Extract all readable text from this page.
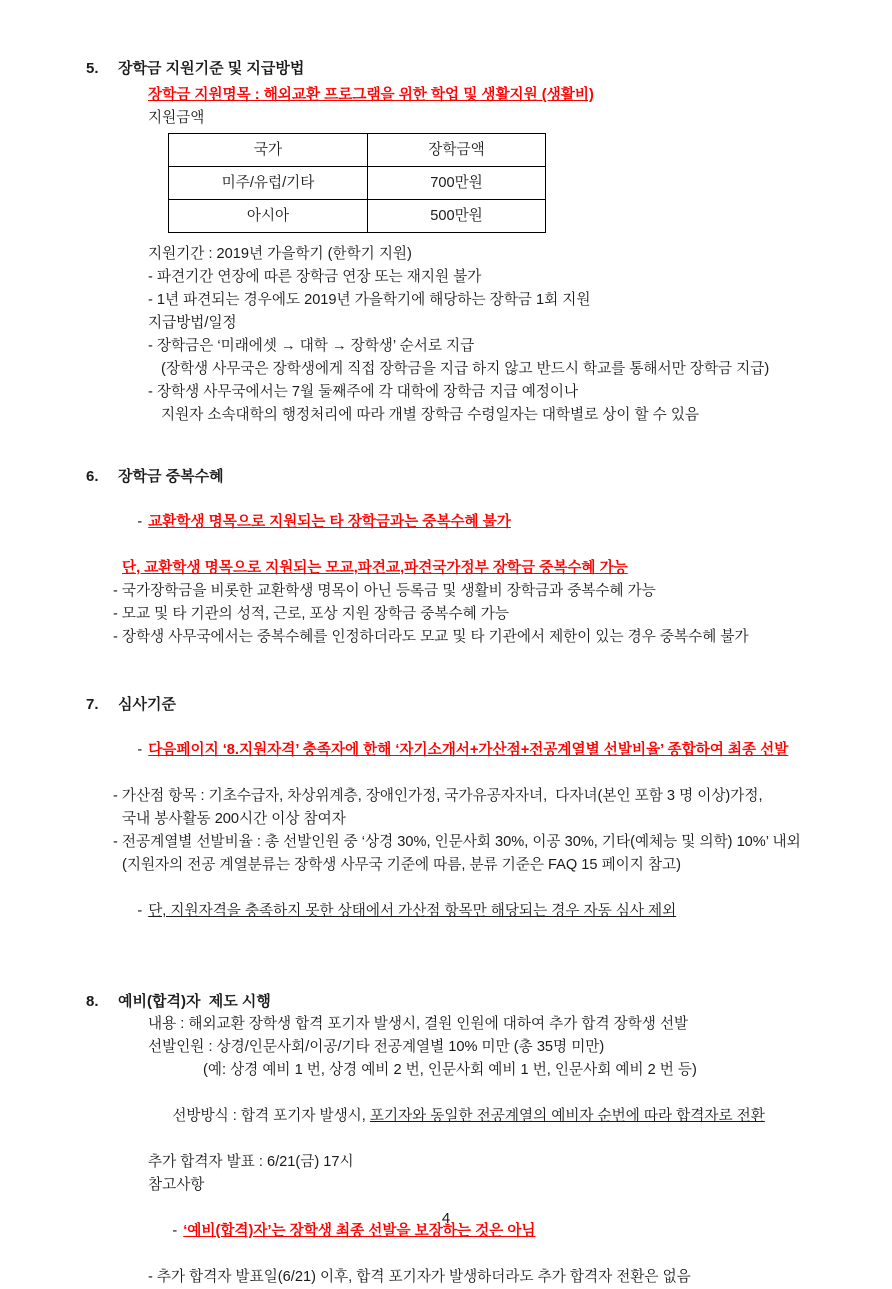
5.	장학금 지원기준 및 지급방법
장학금 지원명목 : 해외교환 프로그램을 위한 학업 및 생활지원 (생활비)
지원금액
국가	장학금액
미주/유럽/기타	700만원
아시아	500만원
지원기간 : 2019년 가을학기 (한학기 지원)
- 파견기간 연장에 따른 장학금 연장 또는 재지원 불가
- 1년 파견되는 경우에도 2019년 가을학기에 해당하는 장학금 1회 지원
지급방법/일정
- 장학금은 ‘미래에셋 → 대학 → 장학생’ 순서로 지급
(장학생 사무국은 장학생에게 직접 장학금을 지급 하지 않고 반드시 학교를 통해서만 장학금 지급)
- 장학생 사무국에서는 7월 둘째주에 각 대학에 장학금 지급 예정이나
지원자 소속대학의 행정처리에 따라 개별 장학금 수령일자는 대학별로 상이 할 수 있음
6.	장학금 중복수혜

- 교환학생 명목으로 지원되는 타 장학금과는 중복수혜 불가

단, 교환학생 명목으로 지원되는 모교,파견교,파견국가정부 장학금 중복수혜 가능
- 국가장학금을 비롯한 교환학생 명목이 아닌 등록금 및 생활비 장학금과 중복수혜 가능
- 모교 및 타 기관의 성적, 근로, 포상 지원 장학금 중복수혜 가능
- 장학생 사무국에서는 중복수혜를 인정하더라도 모교 및 타 기관에서 제한이 있는 경우 중복수혜 불가
7.	심사기준

- 다음페이지 ‘8.지원자격’ 충족자에 한해 ‘자기소개서+가산점+전공계열별 선발비율’ 종합하여 최종 선발

- 가산점 항목 : 기초수급자, 차상위계층, 장애인가정, 국가유공자자녀,  다자녀(본인 포함 3 명 이상)가정,
국내 봉사활동 200시간 이상 참여자
- 전공계열별 선발비율 : 총 선발인원 중 ‘상경 30%, 인문사회 30%, 이공 30%, 기타(예체능 및 의학) 10%’ 내외
(지원자의 전공 계열분류는 장학생 사무국 기준에 따름, 분류 기준은 FAQ 15 페이지 참고)

- 단, 지원자격을 충족하지 못한 상태에서 가산점 항목만 해당되는 경우 자동 심사 제외

8.	예비(합격)자  제도 시행
내용 : 해외교환 장학생 합격 포기자 발생시, 결원 인원에 대하여 추가 합격 장학생 선발
선발인원 : 상경/인문사회/이공/기타 전공계열별 10% 미만 (총 35명 미만)
(예: 상경 예비 1 번, 상경 예비 2 번, 인문사회 예비 1 번, 인문사회 예비 2 번 등)

선방방식 : 합격 포기자 발생시, 포기자와 동일한 전공계열의 예비자 순번에 따라 합격자로 전환

추가 합격자 발표 : 6/21(금) 17시
참고사항

- ‘예비(합격)자’는 장학생 최종 선발을 보장하는 것은 아님

- 추가 합격자 발표일(6/21) 이후, 합격 포기자가 발생하더라도 추가 합격자 전환은 없음
4
